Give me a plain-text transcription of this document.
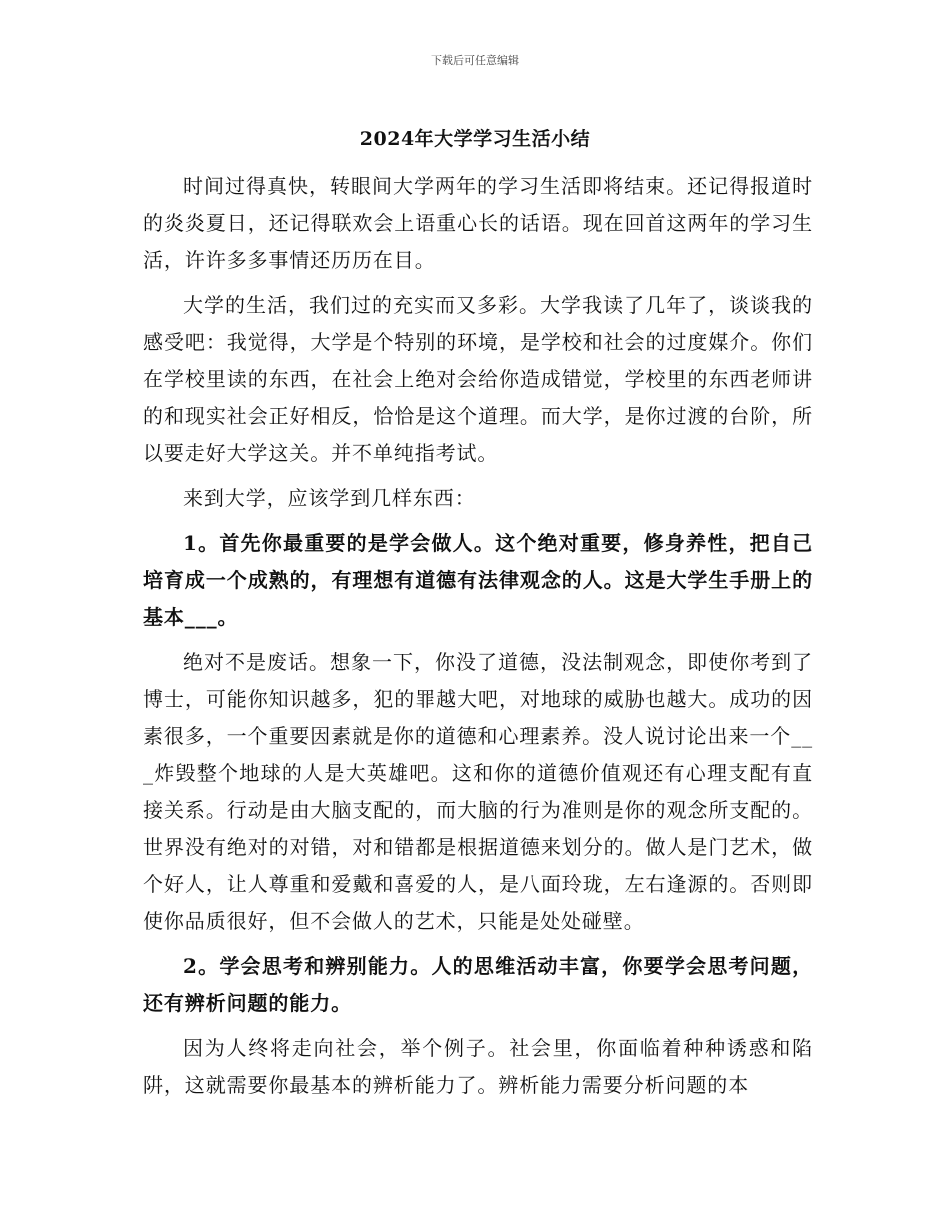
下载后可任意编辑
2024年大学学习生活小结

时间过得真快，转眼间大学两年的学习生活即将结束。还记得报道时的炎炎夏日，还记得联欢会上语重心长的话语。现在回首这两年的学习生活，许许多多事情还历历在目。

大学的生活，我们过的充实而又多彩。大学我读了几年了，谈谈我的感受吧：我觉得，大学是个特别的环境，是学校和社会的过度媒介。你们在学校里读的东西，在社会上绝对会给你造成错觉，学校里的东西老师讲的和现实社会正好相反，恰恰是这个道理。而大学，是你过渡的台阶，所以要走好大学这关。并不单纯指考试。

来到大学，应该学到几样东西：

1。首先你最重要的是学会做人。这个绝对重要，修身养性，把自己培育成一个成熟的，有理想有道德有法律观念的人。这是大学生手册上的基本___。

绝对不是废话。想象一下，你没了道德，没法制观念，即使你考到了博士，可能你知识越多，犯的罪越大吧，对地球的威胁也越大。成功的因素很多，一个重要因素就是你的道德和心理素养。没人说讨论出来一个___炸毁整个地球的人是大英雄吧。这和你的道德价值观还有心理支配有直接关系。行动是由大脑支配的，而大脑的行为准则是你的观念所支配的。世界没有绝对的对错，对和错都是根据道德来划分的。做人是门艺术，做个好人，让人尊重和爱戴和喜爱的人，是八面玲珑，左右逢源的。否则即使你品质很好，但不会做人的艺术，只能是处处碰壁。

2。学会思考和辨别能力。人的思维活动丰富，你要学会思考问题，还有辨析问题的能力。

因为人终将走向社会，举个例子。社会里，你面临着种种诱惑和陷阱，这就需要你最基本的辨析能力了。辨析能力需要分析问题的本
